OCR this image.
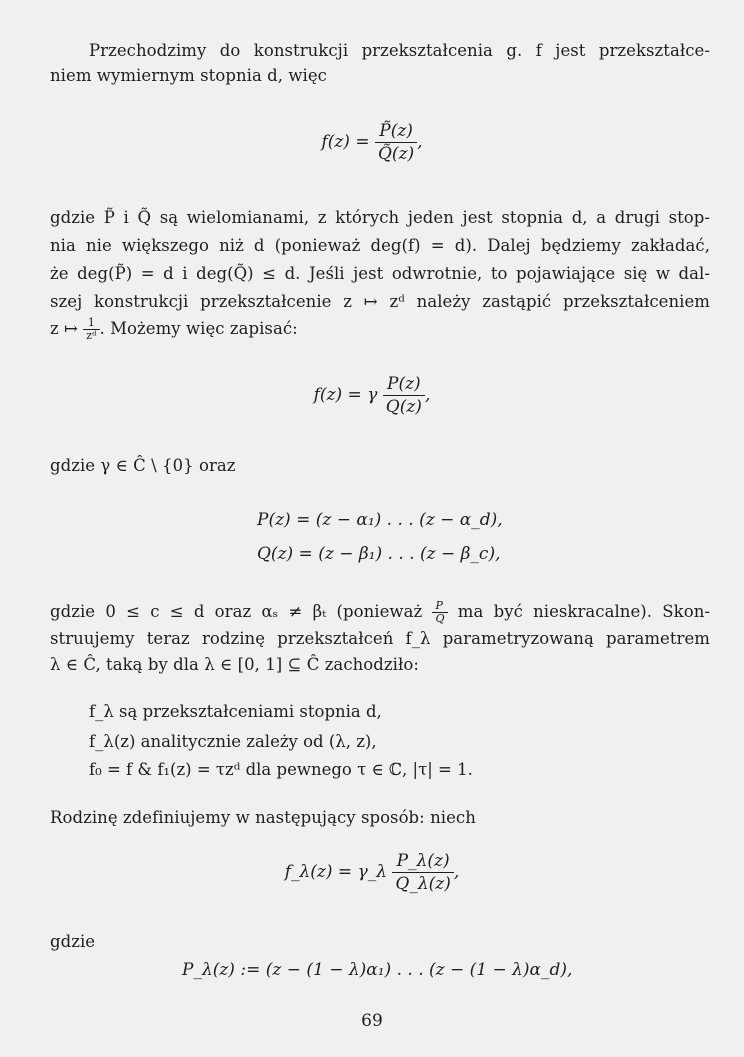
Przechodzimy do konstrukcji przekształcenia g. f jest przekształce-
niem wymiernym stopnia d, więc
$f(z) = \frac{P̃(z)}{Q̃(z)}$ ,
gdzie P̃ i Q̃ są wielomianami, z których jeden jest stopnia d, a drugi stop-
nia nie większego niż d (ponieważ deg(f) = d). Dalej będziemy zakładać,
że deg(P̃) = d i deg(Q̃) ≤ d. Jeśli jest odwrotnie, to pojawiające się w dal-
szej konstrukcji przekształcenie z ↦ zᵈ należy zastąpić przekształceniem
z ↦ $\frac{1}{\text{zᵈ}}$ . Możemy więc zapisać:
f(z) = γ $\frac{P(z)}{Q(z)}$ ,
gdzie γ ∈ Ĉ \ {0} oraz
P(z) = (z − α₁) . . . (z − α_d),
Q(z) = (z − β₁) . . . (z − β_c),
gdzie 0 ≤ c ≤ d oraz αₛ ≠ βₜ (ponieważ $\frac{P}{Q}$ ma być nieskracalne). Skon-
struujemy teraz rodzinę przekształceń f_λ parametryzowaną parametrem
λ ∈ Ĉ, taką by dla λ ∈ [0, 1] ⊆ Ĉ zachodziło:
f_λ są przekształceniami stopnia d,
f_λ(z) analitycznie zależy od (λ, z),
f₀ = f & f₁(z) = τzᵈ dla pewnego τ ∈ ℂ, |τ| = 1.
Rodzinę zdefiniujemy w następujący sposób: niech
f_λ(z) = γ_λ $\frac{P\_\lambda(z)}{Q\_\lambda(z)}$ ,
gdzie
P_λ(z) := (z − (1 − λ)α₁) . . . (z − (1 − λ)α_d),
69
